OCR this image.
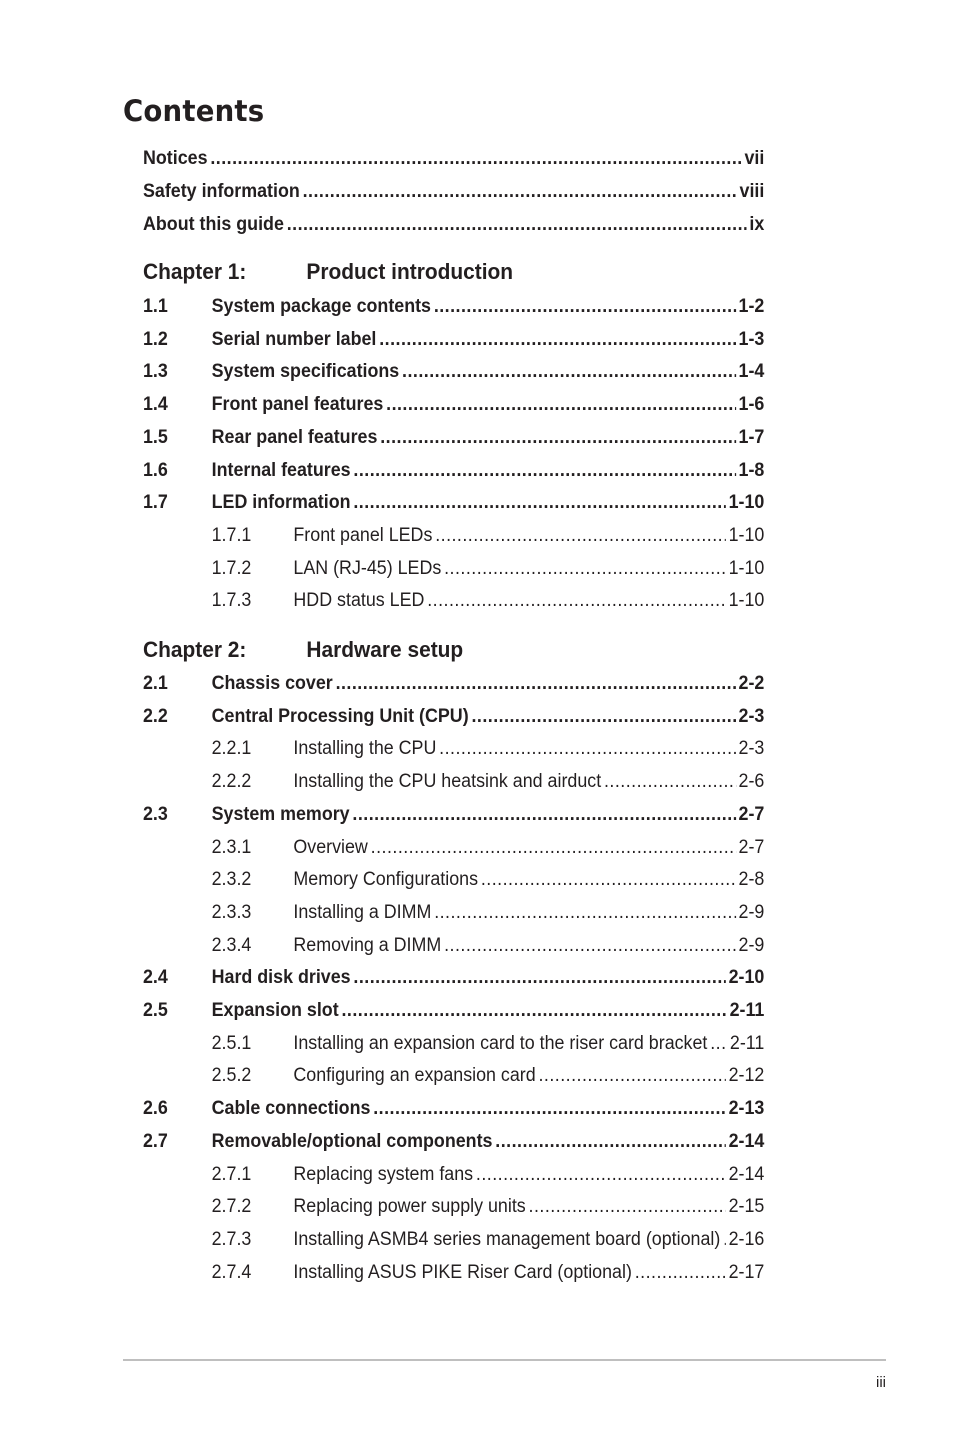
Contents
Notices .....	vii
Safety information .....	viii
About this guide .....	ix
Chapter 1:	Product introduction
1.1	System package contents .....	1-2
1.2	Serial number label .....	1-3
1.3	System specifications .....	1-4
1.4	Front panel features .....	1-6
1.5	Rear panel features .....	1-7
1.6	Internal features .....	1-8
1.7	LED information .....	1-10
1.7.1	Front panel LEDs .....	1-10
1.7.2	LAN (RJ-45) LEDs .....	1-10
1.7.3	HDD status LED .....	1-10
Chapter 2:	Hardware setup
2.1	Chassis cover .....	2-2
2.2	Central Processing Unit (CPU) .....	2-3
2.2.1	Installing the CPU .....	2-3
2.2.2	Installing the CPU heatsink and airduct .....	2-6
2.3	System memory .....	2-7
2.3.1	Overview .....	2-7
2.3.2	Memory Configurations .....	2-8
2.3.3	Installing a DIMM .....	2-9
2.3.4	Removing a DIMM .....	2-9
2.4	Hard disk drives .....	2-10
2.5	Expansion slot .....	2-11
2.5.1	Installing an expansion card to the riser card bracket ..... 2-11
2.5.2	Configuring an expansion card .....	2-12
2.6	Cable connections .....	2-13
2.7	Removable/optional components .....	2-14
2.7.1	Replacing system fans .....	2-14
2.7.2	Replacing power supply units .....	2-15
2.7.3	Installing ASMB4 series management board (optional) ..... 2-16
2.7.4	Installing ASUS PIKE Riser Card (optional) .....	2-17
iii
